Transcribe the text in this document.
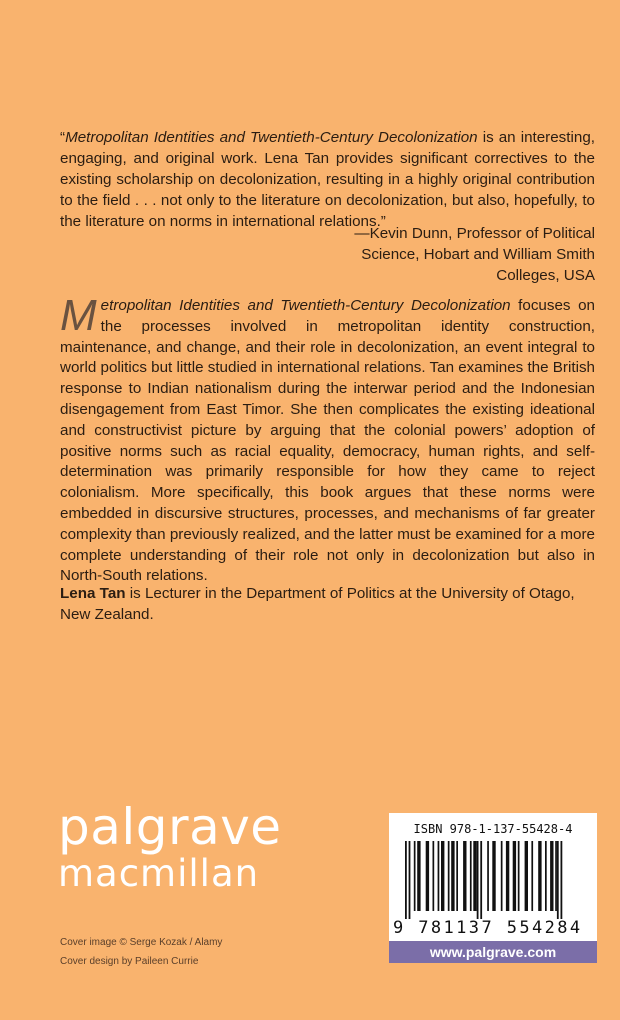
“Metropolitan Identities and Twentieth-Century Decolonization is an interesting, engaging, and original work. Lena Tan provides significant correctives to the existing scholarship on decolonization, resulting in a highly original contribution to the field . . . not only to the literature on decolonization, but also, hopefully, to the literature on norms in international relations.”

—Kevin Dunn, Professor of Political Science, Hobart and William Smith Colleges, USA

Metropolitan Identities and Twentieth-Century Decolonization focuses on the processes involved in metropolitan identity construction, maintenance, and change, and their role in decolonization, an event integral to world politics but little studied in international relations. Tan examines the British response to Indian nationalism during the interwar period and the Indonesian disengagement from East Timor. She then complicates the existing ideational and constructivist picture by arguing that the colonial powers’ adoption of positive norms such as racial equality, democracy, human rights, and self-determination was primarily responsible for how they came to reject colonialism. More specifically, this book argues that these norms were embedded in discursive structures, processes, and mechanisms of far greater complexity than previously realized, and the latter must be examined for a more complete understanding of their role not only in decolonization but also in North-South relations.

Lena Tan is Lecturer in the Department of Politics at the University of Otago, New Zealand.

palgrave
macmillan
Cover image © Serge Kozak / Alamy
Cover design by Paileen Currie
ISBN 978-1-137-55428-4
9 781137 554284
www.palgrave.com
